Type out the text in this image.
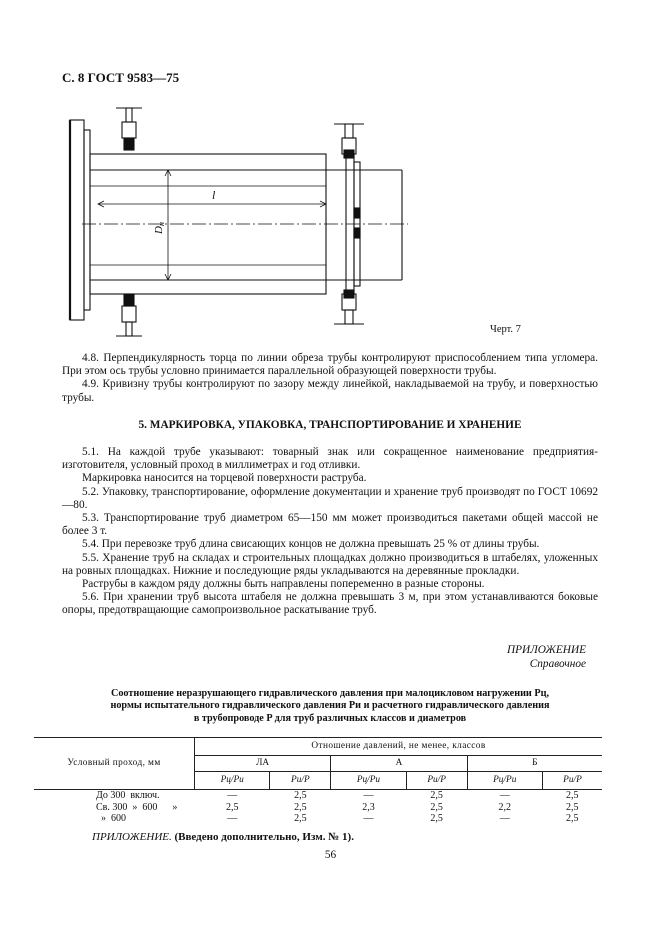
С. 8 ГОСТ 9583—75
l
Dн
Черт. 7

4.8. Перпендикулярность торца по линии обреза трубы контролируют приспособлением типа угломера. При этом ось трубы условно принимается параллельной образующей поверхности трубы.

4.9. Кривизну трубы контролируют по зазору между линейкой, накладываемой на трубу, и поверхностью трубы.

5. МАРКИРОВКА, УПАКОВКА, ТРАНСПОРТИРОВАНИЕ И ХРАНЕНИЕ

5.1. На каждой трубе указывают: товарный знак или сокращенное наименование предприятия-изготовителя, условный проход в миллиметрах и год отливки.

Маркировка наносится на торцевой поверхности раструба.

5.2. Упаковку, транспортирование, оформление документации и хранение труб производят по ГОСТ 10692—80.

5.3. Транспортирование труб диаметром 65—150 мм может производиться пакетами общей массой не более 3 т.

5.4. При перевозке труб длина свисающих концов не должна превышать 25 % от длины трубы.

5.5. Хранение труб на складах и строительных площадках должно производиться в штабелях, уложенных на ровных площадках. Нижние и последующие ряды укладываются на деревянные прокладки.

Раструбы в каждом ряду должны быть направлены попеременно в разные стороны.

5.6. При хранении труб высота штабеля не должна превышать 3 м, при этом устанавливаются боковые опоры, предотвращающие самопроизвольное раскатывание труб.

ПРИЛОЖЕНИЕ
Справочное
Соотношение неразрушающего гидравлического давления при малоцикловом нагружении Pц,
нормы испытательного гидравлического давления Pи и расчетного гидравлического давления
в трубопроводе P для труб различных классов и диаметров
Условный проход, мм	Отношение давлений, не менее, классов					
	ЛА		А		Б	
	Pц/Pи	Pи/P	Pц/Pи	Pи/P	Pц/Pи	Pи/P
До 300  включ.	—	2,5	—	2,5	—	2,5
Св. 300  »  600      »	2,5	2,5	2,3	2,5	2,2	2,5
»  600	—	2,5	—	2,5	—	2,5
ПРИЛОЖЕНИЕ. (Введено дополнительно, Изм. № 1).
56
